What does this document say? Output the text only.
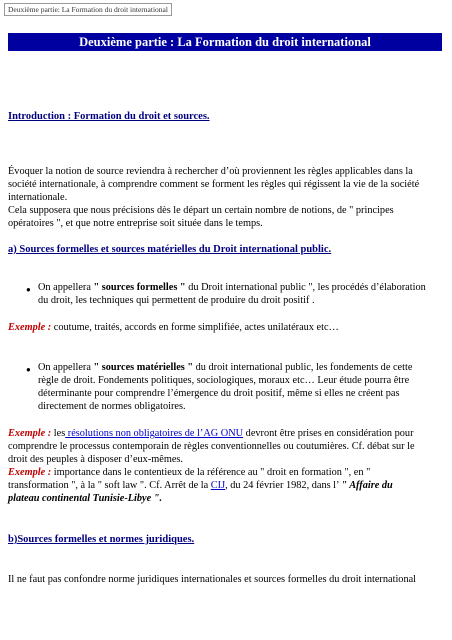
Deuxième partie: La Formation du droit international
Deuxième partie : La Formation du droit international
Introduction : Formation du droit et sources.
Évoquer la notion de source reviendra à rechercher d’où proviennent les règles applicables dans la
société internationale, à comprendre comment se forment les règles qui régissent la vie de la société
internationale.
Cela supposera que nous précisions dès le départ un certain nombre de notions, de " principes
opératoires ", et que notre entreprise soit située dans le temps.
a) Sources formelles et sources matérielles du Droit international public.
● On appellera " sources formelles " du Droit international public ", les procédés d’élaboration
du droit, les techniques qui permettent de produire du droit positif .
Exemple : coutume, traités, accords en forme simplifiée, actes unilatéraux etc…
● On appellera " sources matérielles " du droit international public, les fondements de cette
règle de droit. Fondements politiques, sociologiques, moraux etc… Leur étude pourra être
déterminante pour comprendre l’émergence du droit positif, même si elles ne créent pas
directement de normes obligatoires.
Exemple : les résolutions non obligatoires de l’AG ONU devront être prises en considération pour
comprendre le processus contemporain de règles conventionnelles ou coutumières. Cf. débat sur le
droit des peuples à disposer d’eux-mêmes.
Exemple : importance dans le contentieux de la référence au " droit en formation ", en "
transformation ", à la " soft law ". Cf. Arrêt de la CIJ, du 24 février 1982, dans l’ " Affaire du
plateau continental Tunisie-Libye ".
b)Sources formelles et normes juridiques.
Il ne faut pas confondre norme juridiques internationales et sources formelles du droit international
